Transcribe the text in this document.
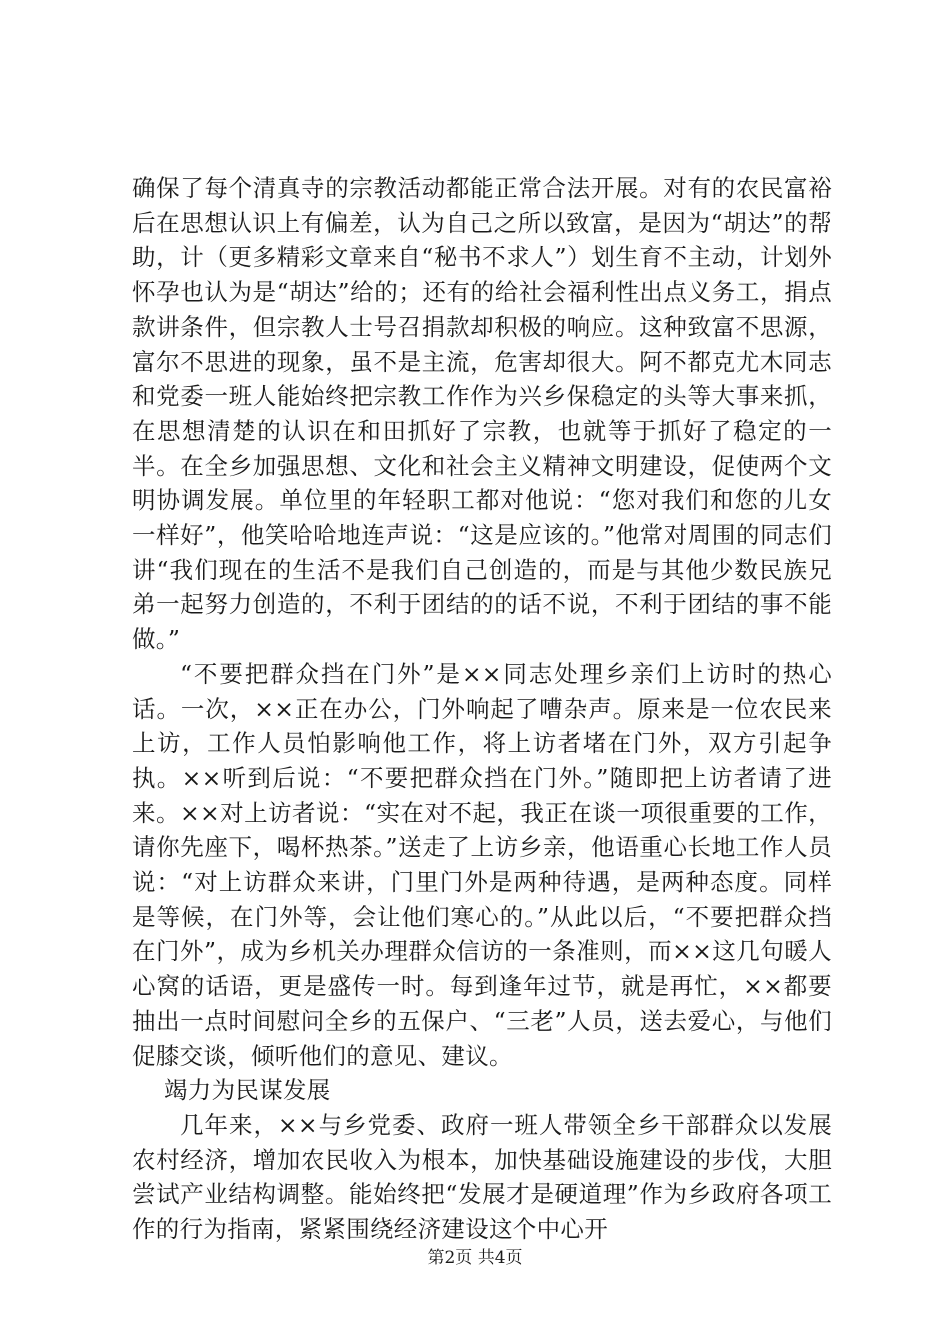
确保了每个清真寺的宗教活动都能正常合法开展。对有的农民富裕后在思想认识上有偏差，认为自己之所以致富，是因为“胡达”的帮助，计（更多精彩文章来自“秘书不求人”）划生育不主动，计划外怀孕也认为是“胡达”给的；还有的给社会福利性出点义务工，捐点款讲条件，但宗教人士号召捐款却积极的响应。这种致富不思源，富尔不思进的现象，虽不是主流，危害却很大。阿不都克尤木同志和党委一班人能始终把宗教工作作为兴乡保稳定的头等大事来抓，在思想清楚的认识在和田抓好了宗教，也就等于抓好了稳定的一半。在全乡加强思想、文化和社会主义精神文明建设，促使两个文明协调发展。单位里的年轻职工都对他说：“您对我们和您的儿女一样好”，他笑哈哈地连声说：“这是应该的。”他常对周围的同志们讲“我们现在的生活不是我们自己创造的，而是与其他少数民族兄弟一起努力创造的，不利于团结的的话不说，不利于团结的事不能做。”

“不要把群众挡在门外”是××同志处理乡亲们上访时的热心话。一次，××正在办公，门外响起了嘈杂声。原来是一位农民来上访，工作人员怕影响他工作，将上访者堵在门外，双方引起争执。××听到后说：“不要把群众挡在门外。”随即把上访者请了进来。××对上访者说：“实在对不起，我正在谈一项很重要的工作，请你先座下，喝杯热茶。”送走了上访乡亲，他语重心长地工作人员说：“对上访群众来讲，门里门外是两种待遇，是两种态度。同样是等候，在门外等，会让他们寒心的。”从此以后，“不要把群众挡在门外”，成为乡机关办理群众信访的一条准则，而××这几句暖人心窝的话语，更是盛传一时。每到逢年过节，就是再忙，××都要抽出一点时间慰问全乡的五保户、“三老”人员，送去爱心，与他们促膝交谈，倾听他们的意见、建议。

竭力为民谋发展

几年来，××与乡党委、政府一班人带领全乡干部群众以发展农村经济，增加农民收入为根本，加快基础设施建设的步伐，大胆尝试产业结构调整。能始终把“发展才是硬道理”作为乡政府各项工作的行为指南，紧紧围绕经济建设这个中心开

第2页 共4页
